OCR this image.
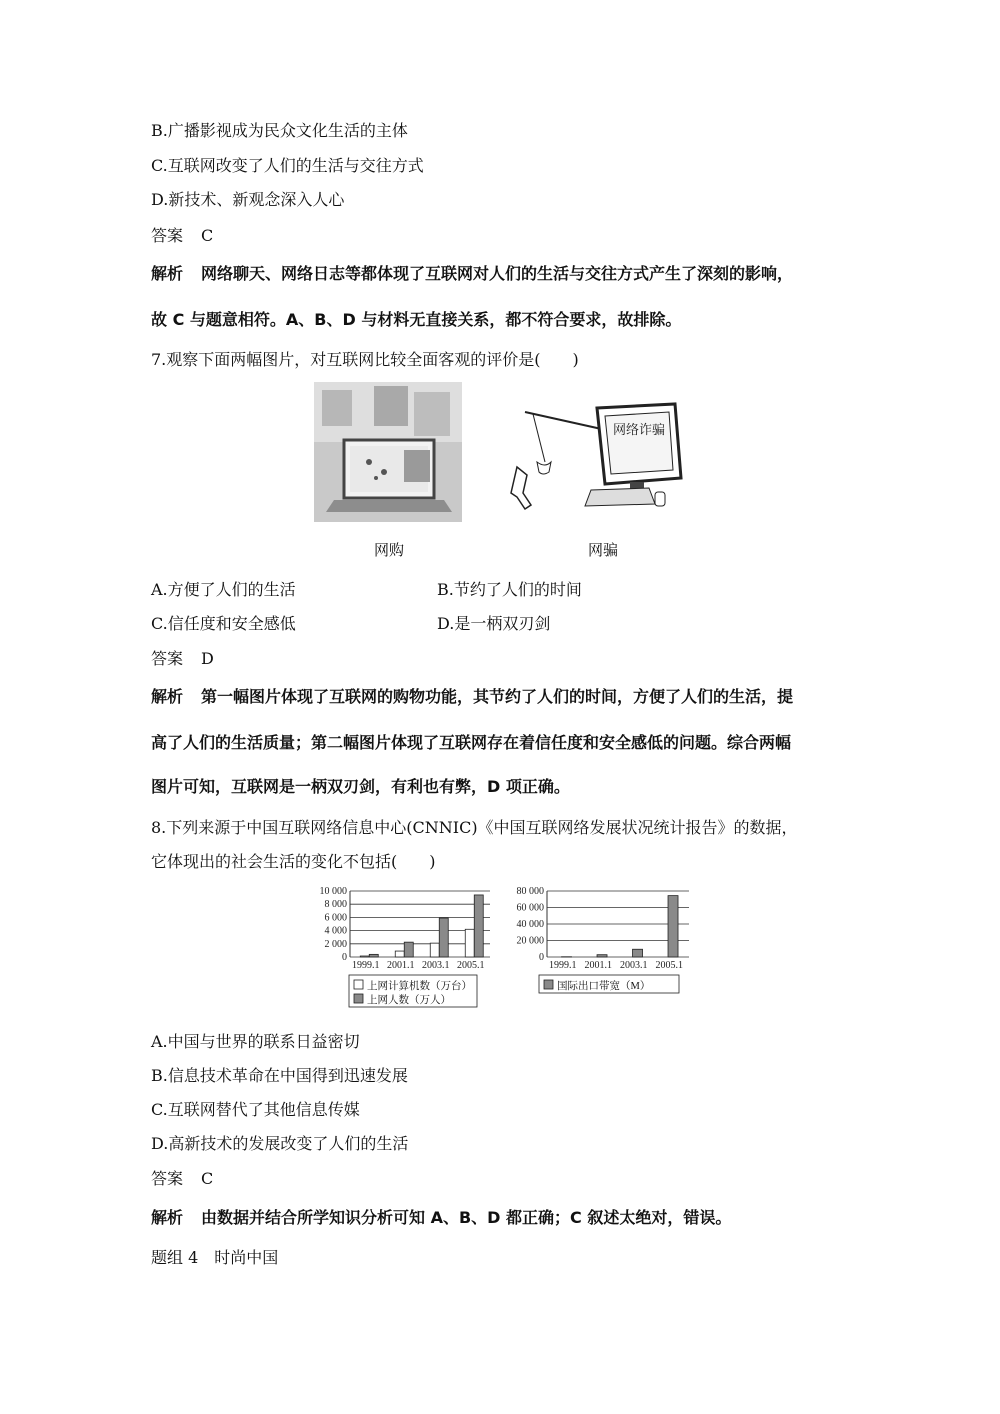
B.广播影视成为民众文化生活的主体
C.互联网改变了人们的生活与交往方式
D.新技术、新观念深入人心
答案 C
解析 网络聊天、网络日志等都体现了互联网对人们的生活与交往方式产生了深刻的影响，
故 C 与题意相符。A、B、D 与材料无直接关系，都不符合要求，故排除。
7.观察下面两幅图片，对互联网比较全面客观的评价是(　　)
网络诈骗
网购	网骗
A.方便了人们的生活	B.节约了人们的时间
C.信任度和安全感低	D.是一柄双刃剑
答案 D
解析 第一幅图片体现了互联网的购物功能，其节约了人们的时间，方便了人们的生活，提
高了人们的生活质量；第二幅图片体现了互联网存在着信任度和安全感低的问题。综合两幅
图片可知，互联网是一柄双刃剑，有利也有弊，D 项正确。
8.下列来源于中国互联网络信息中心(CNNIC)《中国互联网络发展状况统计报告》的数据，
它体现出的社会生活的变化不包括(　　)
10 000
8 000
6 000
4 000
2 000
0
1999.1 2001.1 2003.1 2005.1
上网计算机数（万台）
上网人数（万人）
80 000
60 000
40 000
20 000
0
1999.1 2001.1 2003.1 2005.1
国际出口带宽（M）
A.中国与世界的联系日益密切
B.信息技术革命在中国得到迅速发展
C.互联网替代了其他信息传媒
D.高新技术的发展改变了人们的生活
答案 C
解析 由数据并结合所学知识分析可知 A、B、D 都正确；C 叙述太绝对，错误。
题组 4　时尚中国
